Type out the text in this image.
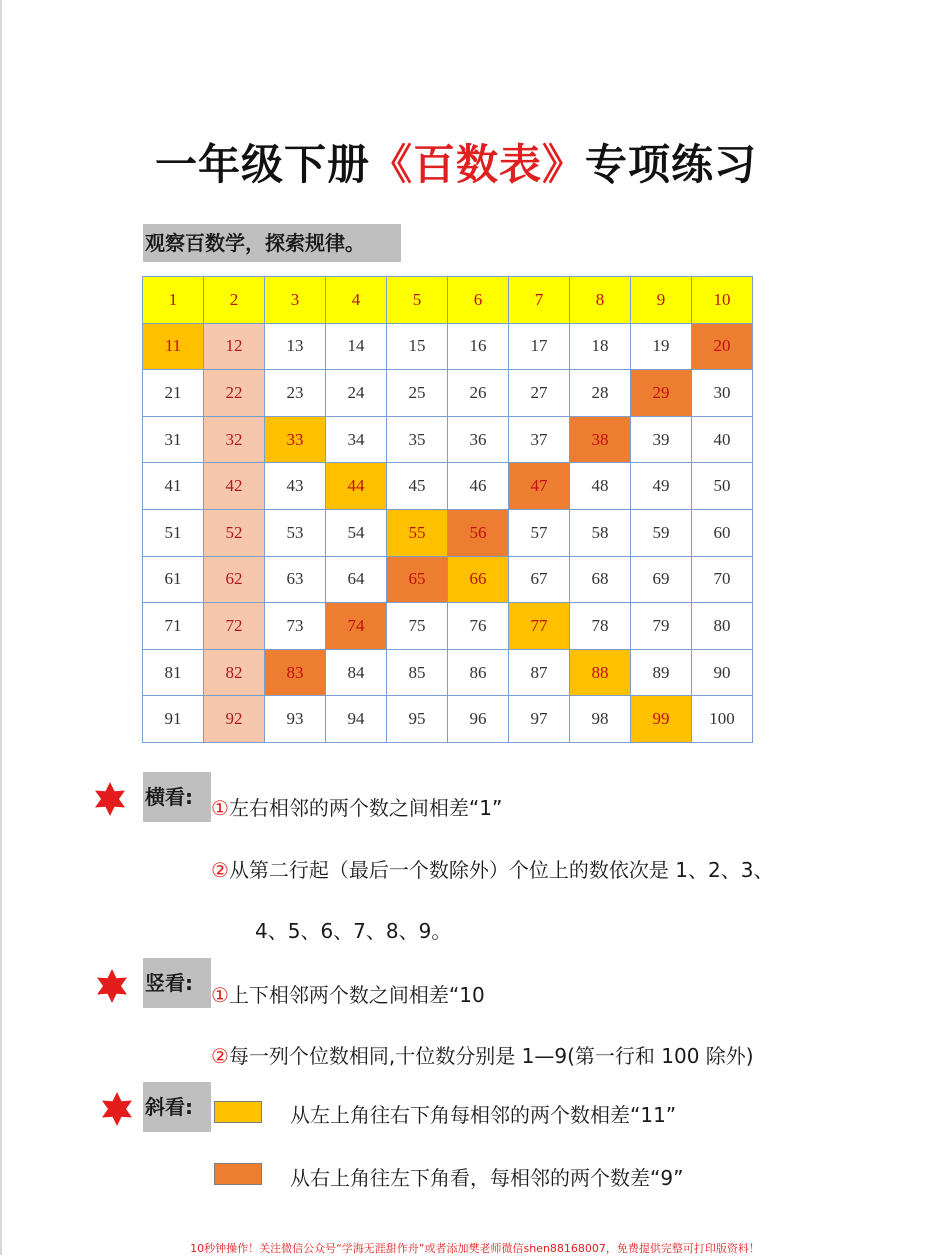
一年级下册《百数表》专项练习
观察百数学，探索规律。
1	2	3	4	5	6	7	8	9	10
11	12	13	14	15	16	17	18	19	20
21	22	23	24	25	26	27	28	29	30
31	32	33	34	35	36	37	38	39	40
41	42	43	44	45	46	47	48	49	50
51	52	53	54	55	56	57	58	59	60
61	62	63	64	65	66	67	68	69	70
71	72	73	74	75	76	77	78	79	80
81	82	83	84	85	86	87	88	89	90
91	92	93	94	95	96	97	98	99	100
横看: ①左右相邻的两个数之间相差“1”
②从第二行起（最后一个数除外）个位上的数依次是 1、2、3、
4、5、6、7、8、9。
竖看: ①上下相邻两个数之间相差“10
②每一列个位数相同,十位数分别是 1—9(第一行和 100 除外)
斜看:	从左上角往右下角每相邻的两个数相差“11”
从右上角往左下角看，每相邻的两个数差“9”
10秒钟操作！关注微信公众号“学海无涯甜作舟”或者添加樊老师微信shen88168007，免费提供完整可打印版资料！
